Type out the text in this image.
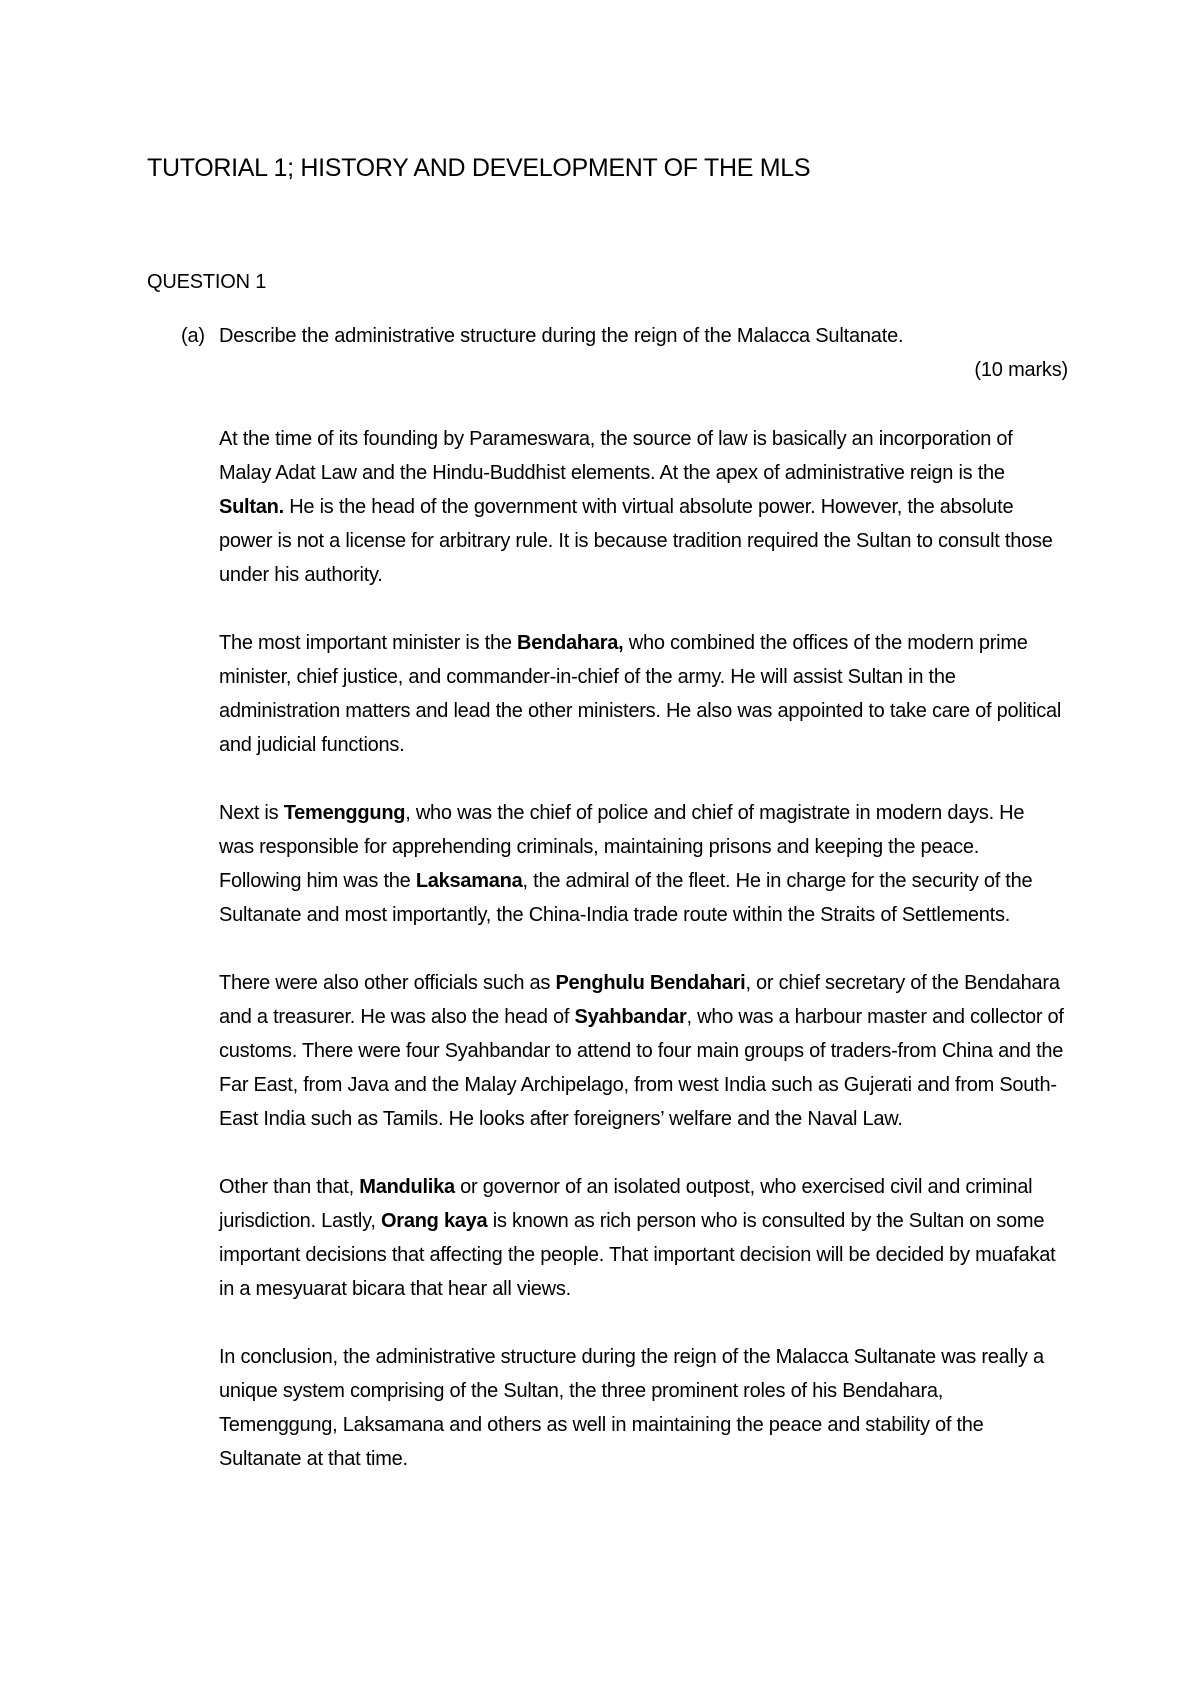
TUTORIAL 1; HISTORY AND DEVELOPMENT OF THE MLS
QUESTION 1
(a) Describe the administrative structure during the reign of the Malacca Sultanate.
(10 marks)

At the time of its founding by Parameswara, the source of law is basically an incorporation of Malay Adat Law and the Hindu-Buddhist elements. At the apex of administrative reign is the Sultan. He is the head of the government with virtual absolute power. However, the absolute power is not a license for arbitrary rule. It is because tradition required the Sultan to consult those under his authority.

The most important minister is the Bendahara, who combined the offices of the modern prime minister, chief justice, and commander-in-chief of the army. He will assist Sultan in the administration matters and lead the other ministers. He also was appointed to take care of political and judicial functions.

Next is Temenggung, who was the chief of police and chief of magistrate in modern days. He was responsible for apprehending criminals, maintaining prisons and keeping the peace. Following him was the Laksamana, the admiral of the fleet. He in charge for the security of the Sultanate and most importantly, the China-India trade route within the Straits of Settlements.

There were also other officials such as Penghulu Bendahari, or chief secretary of the Bendahara and a treasurer. He was also the head of Syahbandar, who was a harbour master and collector of customs. There were four Syahbandar to attend to four main groups of traders-from China and the Far East, from Java and the Malay Archipelago, from west India such as Gujerati and from South-East India such as Tamils. He looks after foreigners’ welfare and the Naval Law.

Other than that, Mandulika or governor of an isolated outpost, who exercised civil and criminal jurisdiction. Lastly, Orang kaya is known as rich person who is consulted by the Sultan on some important decisions that affecting the people. That important decision will be decided by muafakat in a mesyuarat bicara that hear all views.

In conclusion, the administrative structure during the reign of the Malacca Sultanate was really a unique system comprising of the Sultan, the three prominent roles of his Bendahara, Temenggung, Laksamana and others as well in maintaining the peace and stability of the Sultanate at that time.
